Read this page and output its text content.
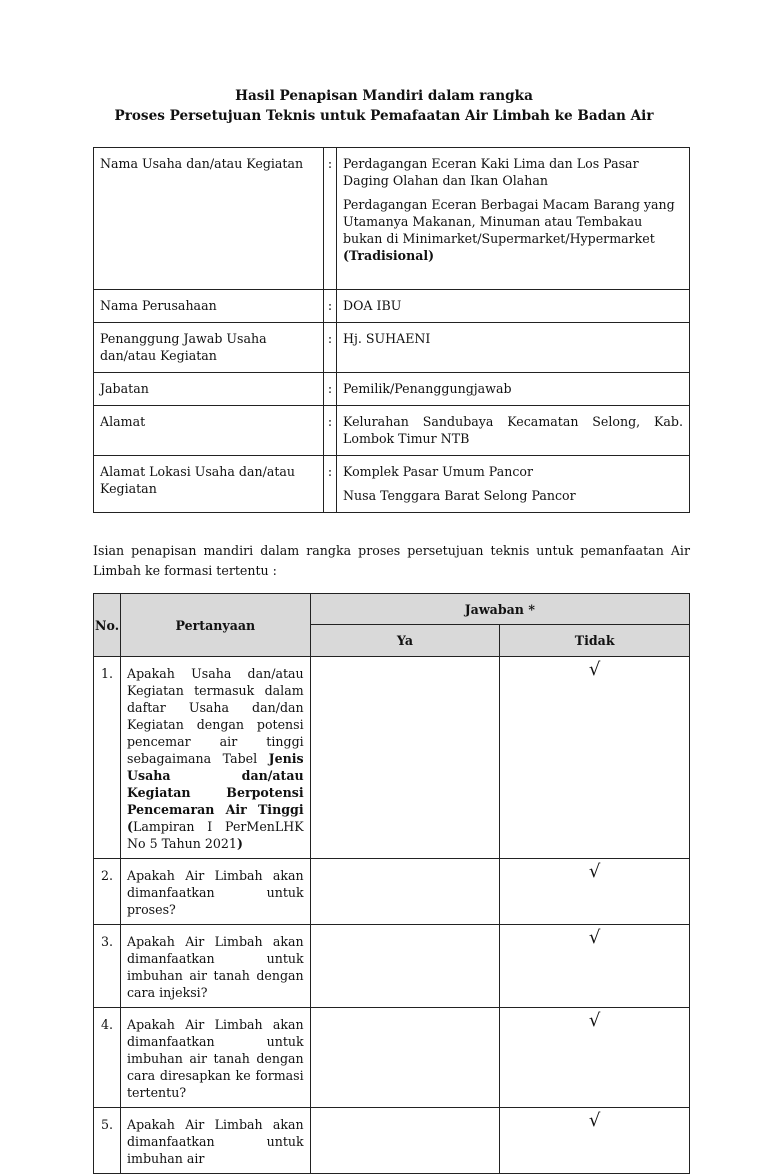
Hasil Penapisan Mandiri dalam rangka
Proses Persetujuan Teknis untuk Pemafaatan Air Limbah ke Badan Air
Nama Usaha dan/atau Kegiatan	:	Perdagangan Eceran Kaki Lima dan Los Pasar Daging Olahan dan Ikan Olahan

Perdagangan Eceran Berbagai Macam Barang yang Utamanya Makanan, Minuman atau Tembakau bukan di Minimarket/Supermarket/Hypermarket
(Tradisional)

Nama Perusahaan	:	DOA IBU
Penanggung Jawab Usaha dan/atau Kegiatan	:	Hj. SUHAENI
Jabatan	:	Pemilik/Penanggungjawab
Alamat	:	Kelurahan Sandubaya Kecamatan Selong, Kab. Lombok Timur NTB
Alamat Lokasi Usaha dan/atau Kegiatan	:	Komplek Pasar Umum Pancor

Nusa Tenggara Barat Selong Pancor

Isian penapisan mandiri dalam rangka proses persetujuan teknis untuk pemanfaatan Air Limbah ke formasi tertentu :
No.	Pertanyaan	Jawaban *	
		Ya	Tidak
1.	Apakah Usaha dan/atau Kegiatan termasuk dalam daftar Usaha dan/dan Kegiatan dengan potensi pencemar air tinggi sebagaimana Tabel Jenis Usaha dan/atau Kegiatan Berpotensi Pencemaran Air Tinggi (Lampiran I PerMenLHK No 5 Tahun 2021)		√
2.	Apakah Air Limbah akan dimanfaatkan untuk proses?		√
3.	Apakah Air Limbah akan dimanfaatkan untuk imbuhan air tanah dengan cara injeksi?		√
4.	Apakah Air Limbah akan dimanfaatkan untuk imbuhan air tanah dengan cara diresapkan ke formasi tertentu?		√
5.	Apakah Air Limbah akan dimanfaatkan untuk imbuhan air		√
